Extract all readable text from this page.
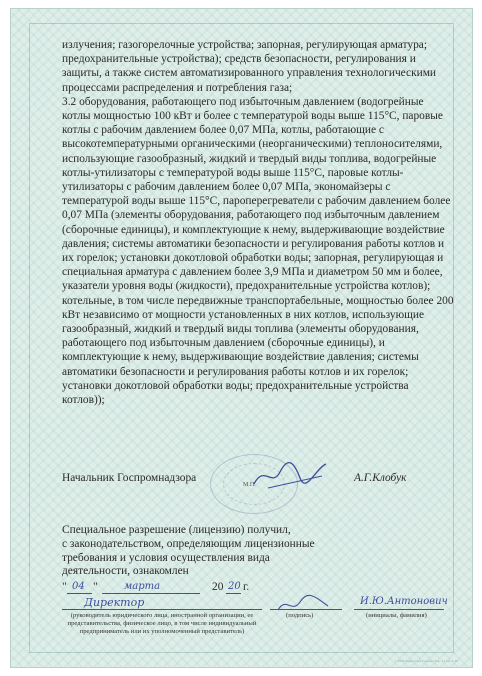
© РУП Криптотех Гознака Зак. 1.1 пр. 1.20

излучения; газогорелочные устройства; запорная, регулирующая арматура; предохранительные устройства); средств безопасности, регулирования и защиты, а также систем автоматизированного управления технологическими процессами распределения и потребления газа;

3.2 оборудования, работающего под избыточным давлением (водогрейные котлы мощностью 100 кВт и более с температурой воды выше 115°С, паровые котлы с рабочим давлением более 0,07 МПа, котлы, работающие с высокотемпературными органическими (неорганическими) теплоносителями, использующие газообразный, жидкий и твердый виды топлива, водогрейные котлы-утилизаторы с температурой воды выше 115°С, паровые котлы-утилизаторы с рабочим давлением более 0,07 МПа, экономайзеры с температурой воды выше 115°С, пароперегреватели с рабочим давлением более 0,07 МПа (элементы оборудования, работающего под избыточным давлением (сборочные единицы), и комплектующие к нему, выдерживающие воздействие давления; системы автоматики безопасности и регулирования работы котлов и их горелок; установки докотловой обработки воды; запорная, регулирующая и специальная арматура с давлением более 3,9 МПа и диаметром 50 мм и более, указатели уровня воды (жидкости), предохранительные устройства котлов); котельные, в том числе передвижные транспортабельные, мощностью более 200 кВт независимо от мощности установленных в них котлов, использующие газообразный, жидкий и твердый виды топлива (элементы оборудования, работающего под избыточным давлением (сборочные единицы), и комплектующие к нему, выдерживающие воздействие давления; системы автоматики безопасности и регулирования работы котлов и их горелок; установки докотловой обработки воды; предохранительные устройства котлов));

М.П.
Начальник Госпромнадзора	А.Г.Клобук
Специальное разрешение (лицензию) получил,
с законодательством, определяющим лицензионные
требования и условия осуществления вида
деятельности, ознакомлен
" 04 "	марта	20 20 г.
Директор	И.Ю.Антонович
(руководитель юридического лица, иностранной организации, ее представительства, физическое лицо, в том числе индивидуальный предприниматель или их уполномоченный представитель)
(подпись)	(инициалы, фамилия)
